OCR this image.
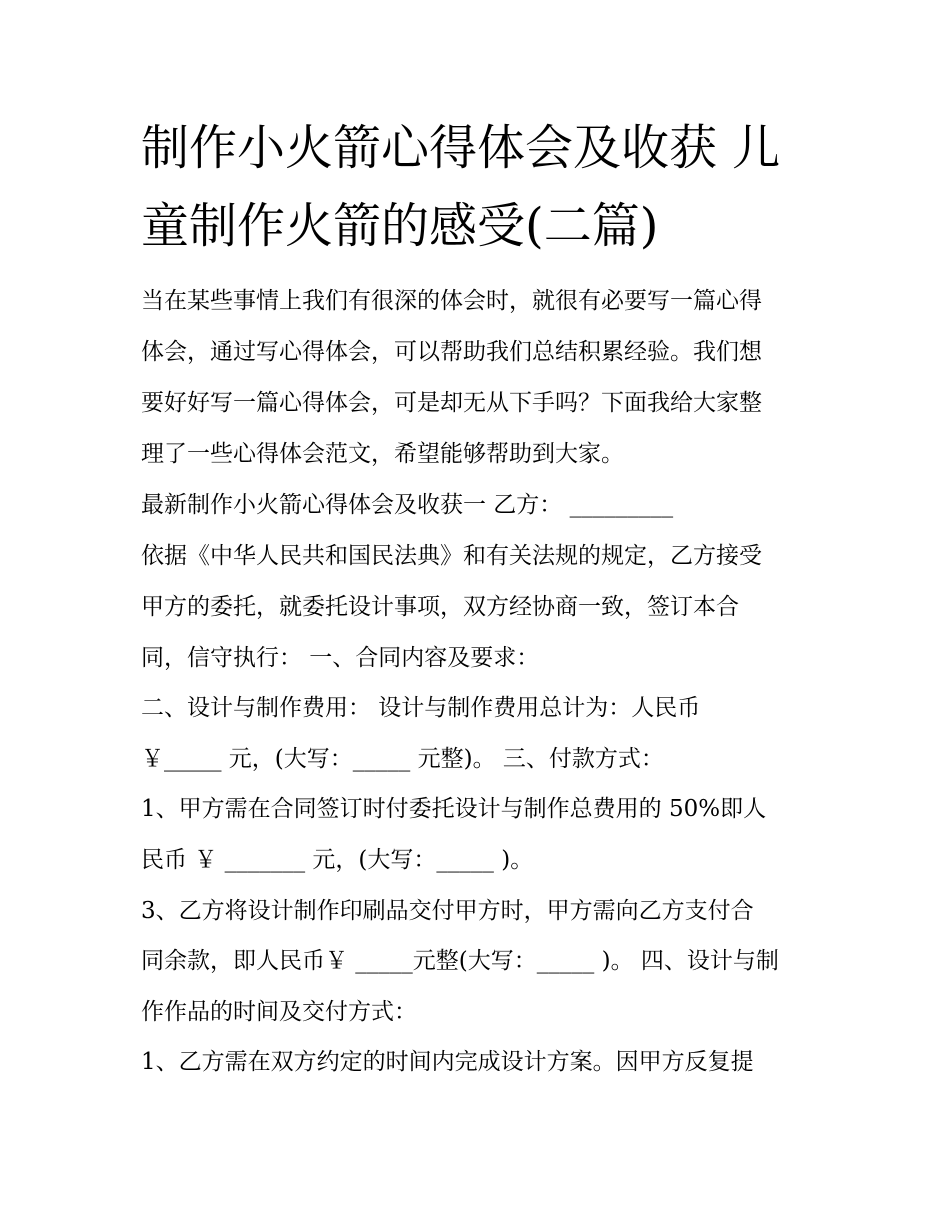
制作小火箭心得体会及收获 儿
童制作火箭的感受(二篇)
当在某些事情上我们有很深的体会时，就很有必要写一篇心得
体会，通过写心得体会，可以帮助我们总结积累经验。我们想
要好好写一篇心得体会，可是却无从下手吗？下面我给大家整
理了一些心得体会范文，希望能够帮助到大家。
最新制作小火箭心得体会及收获一 乙方： _________
依据《中华人民共和国民法典》和有关法规的规定，乙方接受
甲方的委托，就委托设计事项，双方经协商一致，签订本合
同，信守执行： 一、合同内容及要求：
二、设计与制作费用： 设计与制作费用总计为：人民币
￥_____ 元，(大写：_____ 元整)。 三、付款方式：
1、甲方需在合同签订时付委托设计与制作总费用的 50%即人
民币 ￥ _______ 元，(大写：_____ )。
3、乙方将设计制作印刷品交付甲方时，甲方需向乙方支付合
同余款，即人民币￥ _____元整(大写：_____ )。 四、设计与制
作作品的时间及交付方式：
1、乙方需在双方约定的时间内完成设计方案。因甲方反复提
